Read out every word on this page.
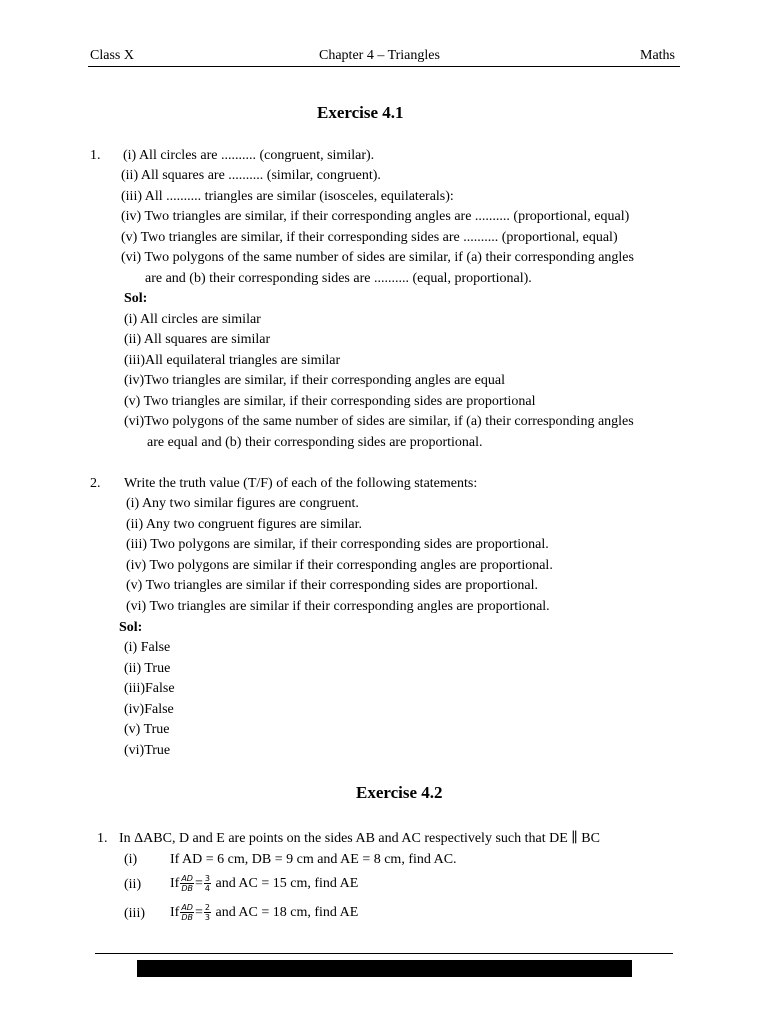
Class X	Chapter 4 – Triangles	Maths
Exercise 4.1
1. (i) All circles are .......... (congruent, similar).
(ii) All squares are .......... (similar, congruent).
(iii) All .......... triangles are similar (isosceles, equilaterals):
(iv) Two triangles are similar, if their corresponding angles are .......... (proportional, equal)
(v) Two triangles are similar, if their corresponding sides are .......... (proportional, equal)
(vi) Two polygons of the same number of sides are similar, if (a) their corresponding angles
are and (b) their corresponding sides are .......... (equal, proportional).
Sol:
(i) All circles are similar
(ii) All squares are similar
(iii)All equilateral triangles are similar
(iv)Two triangles are similar, if their corresponding angles are equal
(v) Two triangles are similar, if their corresponding sides are proportional
(vi)Two polygons of the same number of sides are similar, if (a) their corresponding angles
are equal and (b) their corresponding sides are proportional.
2. Write the truth value (T/F) of each of the following statements:
(i) Any two similar figures are congruent.
(ii) Any two congruent figures are similar.
(iii) Two polygons are similar, if their corresponding sides are proportional.
(iv) Two polygons are similar if their corresponding angles are proportional.
(v) Two triangles are similar if their corresponding sides are proportional.
(vi) Two triangles are similar if their corresponding angles are proportional.
Sol:
(i) False
(ii) True
(iii)False
(iv)False
(v) True
(vi)True
Exercise 4.2
1. In ΔABC, D and E are points on the sides AB and AC respectively such that DE ∥ BC
(i) If AD = 6 cm, DB = 9 cm and AE = 8 cm, find AC.
(ii) If $\frac{AD}{DB} = \frac{3}{4}$ and AC = 15 cm, find AE
(iii) If $\frac{AD}{DB} = \frac{2}{3}$ and AC = 18 cm, find AE
